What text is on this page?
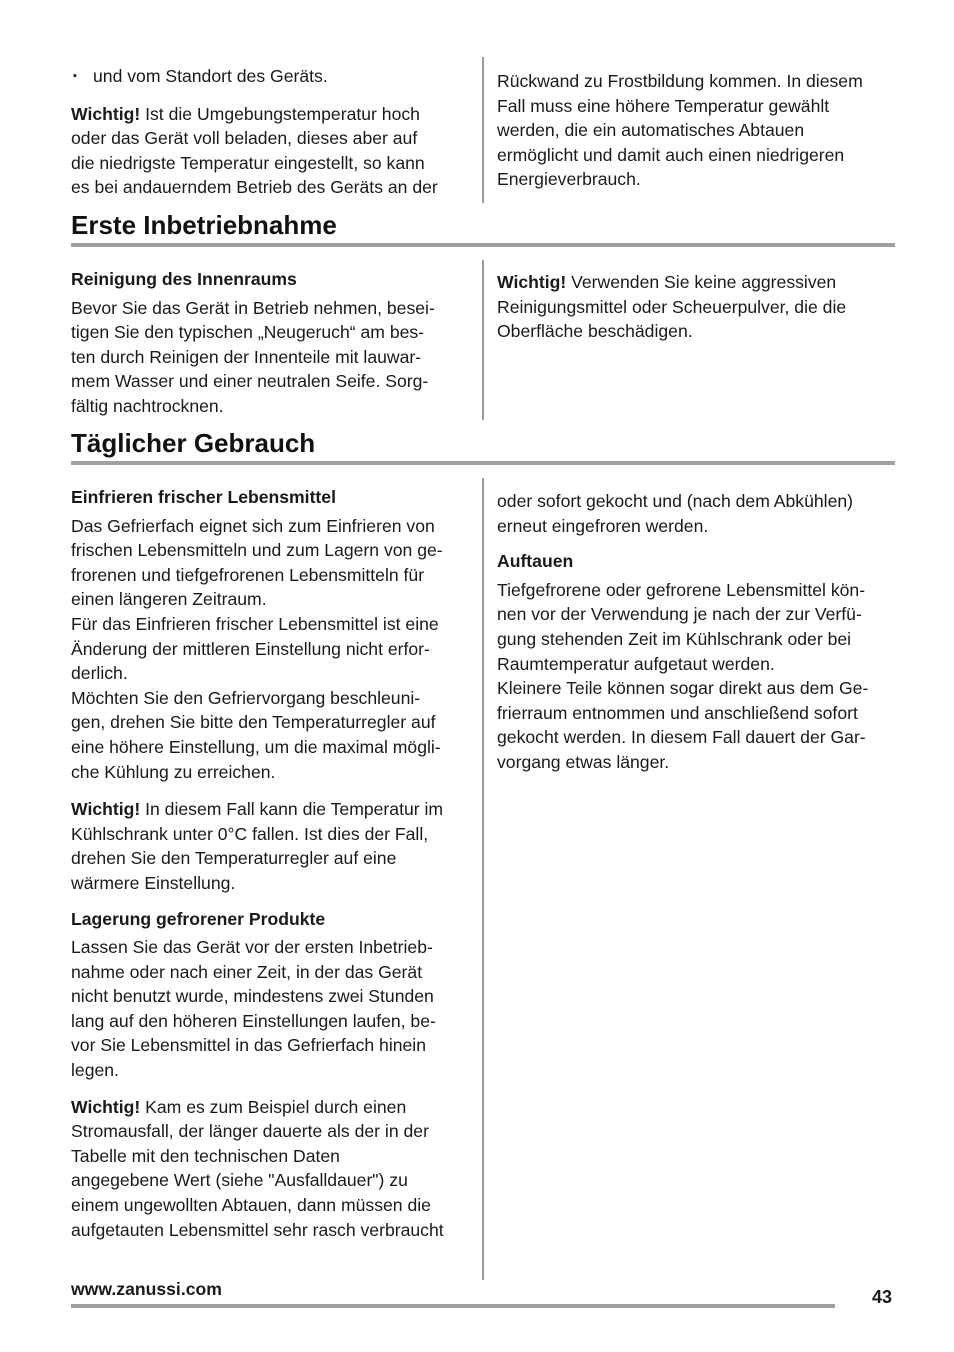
▪ und vom Standort des Geräts.
Wichtig! Ist die Umgebungstemperatur hoch
oder das Gerät voll beladen, dieses aber auf
die niedrigste Temperatur eingestellt, so kann
es bei andauerndem Betrieb des Geräts an der
Rückwand zu Frostbildung kommen. In diesem
Fall muss eine höhere Temperatur gewählt
werden, die ein automatisches Abtauen
ermöglicht und damit auch einen niedrigeren
Energieverbrauch.
Erste Inbetriebnahme
Reinigung des Innenraums
Bevor Sie das Gerät in Betrieb nehmen, besei-
tigen Sie den typischen „Neugeruch“ am bes-
ten durch Reinigen der Innenteile mit lauwar-
mem Wasser und einer neutralen Seife. Sorg-
fältig nachtrocknen.
Wichtig! Verwenden Sie keine aggressiven
Reinigungsmittel oder Scheuerpulver, die die
Oberfläche beschädigen.
Täglicher Gebrauch
Einfrieren frischer Lebensmittel
Das Gefrierfach eignet sich zum Einfrieren von
frischen Lebensmitteln und zum Lagern von ge-
frorenen und tiefgefrorenen Lebensmitteln für
einen längeren Zeitraum.
Für das Einfrieren frischer Lebensmittel ist eine
Änderung der mittleren Einstellung nicht erfor-
derlich.
Möchten Sie den Gefriervorgang beschleuni-
gen, drehen Sie bitte den Temperaturregler auf
eine höhere Einstellung, um die maximal mögli-
che Kühlung zu erreichen.
Wichtig! In diesem Fall kann die Temperatur im
Kühlschrank unter 0°C fallen. Ist dies der Fall,
drehen Sie den Temperaturregler auf eine
wärmere Einstellung.
Lagerung gefrorener Produkte
Lassen Sie das Gerät vor der ersten Inbetrieb-
nahme oder nach einer Zeit, in der das Gerät
nicht benutzt wurde, mindestens zwei Stunden
lang auf den höheren Einstellungen laufen, be-
vor Sie Lebensmittel in das Gefrierfach hinein
legen.
Wichtig! Kam es zum Beispiel durch einen
Stromausfall, der länger dauerte als der in der
Tabelle mit den technischen Daten
angegebene Wert (siehe "Ausfalldauer") zu
einem ungewollten Abtauen, dann müssen die
aufgetauten Lebensmittel sehr rasch verbraucht
oder sofort gekocht und (nach dem Abkühlen)
erneut eingefroren werden.
Auftauen
Tiefgefrorene oder gefrorene Lebensmittel kön-
nen vor der Verwendung je nach der zur Verfü-
gung stehenden Zeit im Kühlschrank oder bei
Raumtemperatur aufgetaut werden.
Kleinere Teile können sogar direkt aus dem Ge-
frierraum entnommen und anschließend sofort
gekocht werden. In diesem Fall dauert der Gar-
vorgang etwas länger.
www.zanussi.com	43
